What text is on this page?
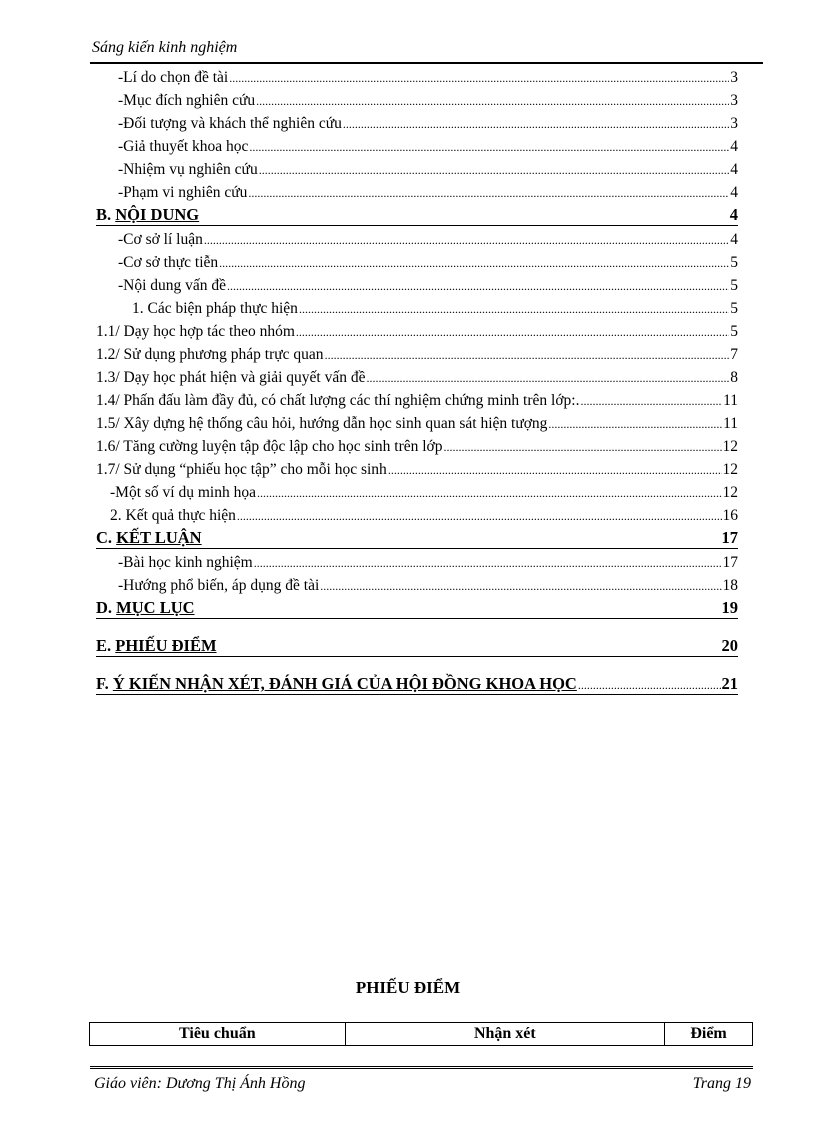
Sáng kiến kinh nghiệm
-Lí do chọn đề tài .....	3
-Mục đích nghiên cứu .....	3
-Đối tượng và khách thể nghiên cứu .....	3
-Giả thuyết khoa học .....	4
-Nhiệm vụ nghiên cứu .....	4
-Phạm vi nghiên cứu .....	4
B. NỘI DUNG	4
-Cơ sở lí luận .....	4
-Cơ sở thực tiễn .....	5
-Nội dung vấn đề .....	5
1. Các biện pháp thực hiện .....	5
1.1/ Dạy học hợp tác theo nhóm .....	5
1.2/ Sử dụng phương pháp trực quan .....	7
1.3/ Dạy học phát hiện và giải quyết vấn đề .....	8
1.4/ Phấn đấu làm đầy đủ, có chất lượng các thí nghiệm chứng minh trên lớp:. .....	11
1.5/ Xây dựng hệ thống câu hỏi, hướng dẫn học sinh quan sát hiện tượng .....	11
1.6/ Tăng cường luyện tập độc lập cho học sinh trên lớp .....	12
1.7/ Sử dụng “phiếu học tập” cho mỗi học sinh .....	12
-Một số ví dụ minh họa .....	12
2. Kết quả thực hiện .....	16
C. KẾT LUẬN	17
-Bài học kinh nghiệm .....	17
-Hướng phổ biến, áp dụng đề tài .....	18
D. MỤC LỤC	19
E. PHIẾU ĐIỂM	20
F. Ý KIẾN NHẬN XÉT, ĐÁNH GIÁ CỦA HỘI ĐỒNG KHOA HỌC .....	21
PHIẾU ĐIỂM
Tiêu chuẩn	Nhận xét	Điểm
Giáo viên: Dương Thị Ánh Hồng	Trang 19
